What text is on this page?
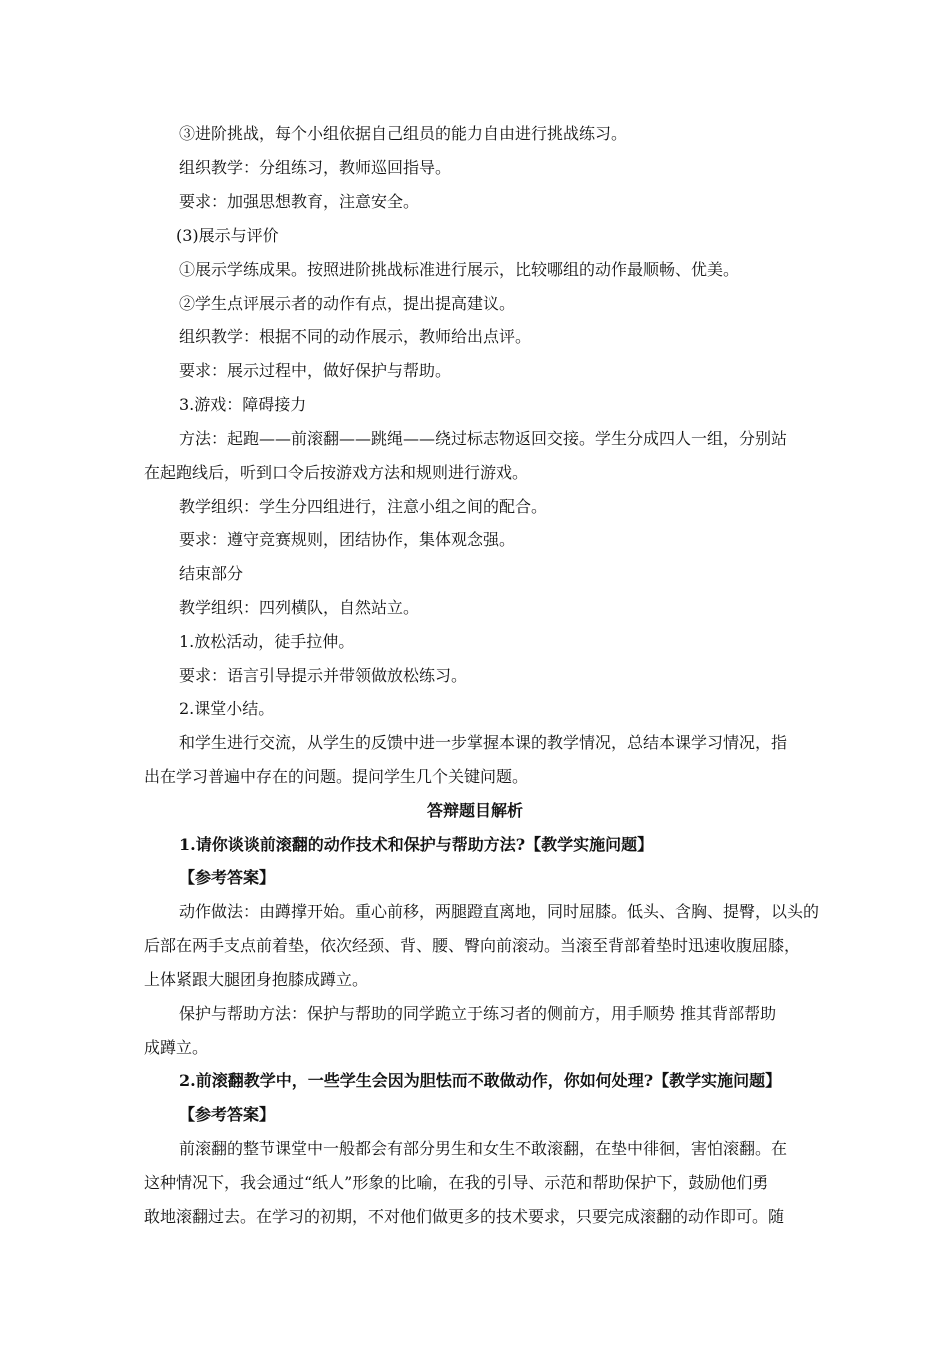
③进阶挑战，每个小组依据自己组员的能力自由进行挑战练习。
组织教学：分组练习，教师巡回指导。
要求：加强思想教育，注意安全。
(3)展示与评价
①展示学练成果。按照进阶挑战标准进行展示，比较哪组的动作最顺畅、优美。
②学生点评展示者的动作有点，提出提高建议。
组织教学：根据不同的动作展示，教师给出点评。
要求：展示过程中，做好保护与帮助。
3.游戏：障碍接力
方法：起跑——前滚翻——跳绳——绕过标志物返回交接。学生分成四人一组，分别站
在起跑线后，听到口令后按游戏方法和规则进行游戏。
教学组织：学生分四组进行，注意小组之间的配合。
要求：遵守竞赛规则，团结协作，集体观念强。
结束部分
教学组织：四列横队，自然站立。
1.放松活动，徒手拉伸。
要求：语言引导提示并带领做放松练习。
2.课堂小结。
和学生进行交流，从学生的反馈中进一步掌握本课的教学情况，总结本课学习情况，指
出在学习普遍中存在的问题。提问学生几个关键问题。
答辩题目解析
1.请你谈谈前滚翻的动作技术和保护与帮助方法?【教学实施问题】
【参考答案】
动作做法：由蹲撑开始。重心前移，两腿蹬直离地，同时屈膝。低头、含胸、提臀，以头的
后部在两手支点前着垫，依次经颈、背、腰、臀向前滚动。当滚至背部着垫时迅速收腹屈膝，
上体紧跟大腿团身抱膝成蹲立。
保护与帮助方法：保护与帮助的同学跪立于练习者的侧前方，用手顺势 推其背部帮助
成蹲立。
2.前滚翻教学中，一些学生会因为胆怯而不敢做动作，你如何处理?【教学实施问题】
【参考答案】
前滚翻的整节课堂中一般都会有部分男生和女生不敢滚翻，在垫中徘徊，害怕滚翻。在
这种情况下，我会通过“纸人”形象的比喻，在我的引导、示范和帮助保护下，鼓励他们勇
敢地滚翻过去。在学习的初期，不对他们做更多的技术要求，只要完成滚翻的动作即可。随
